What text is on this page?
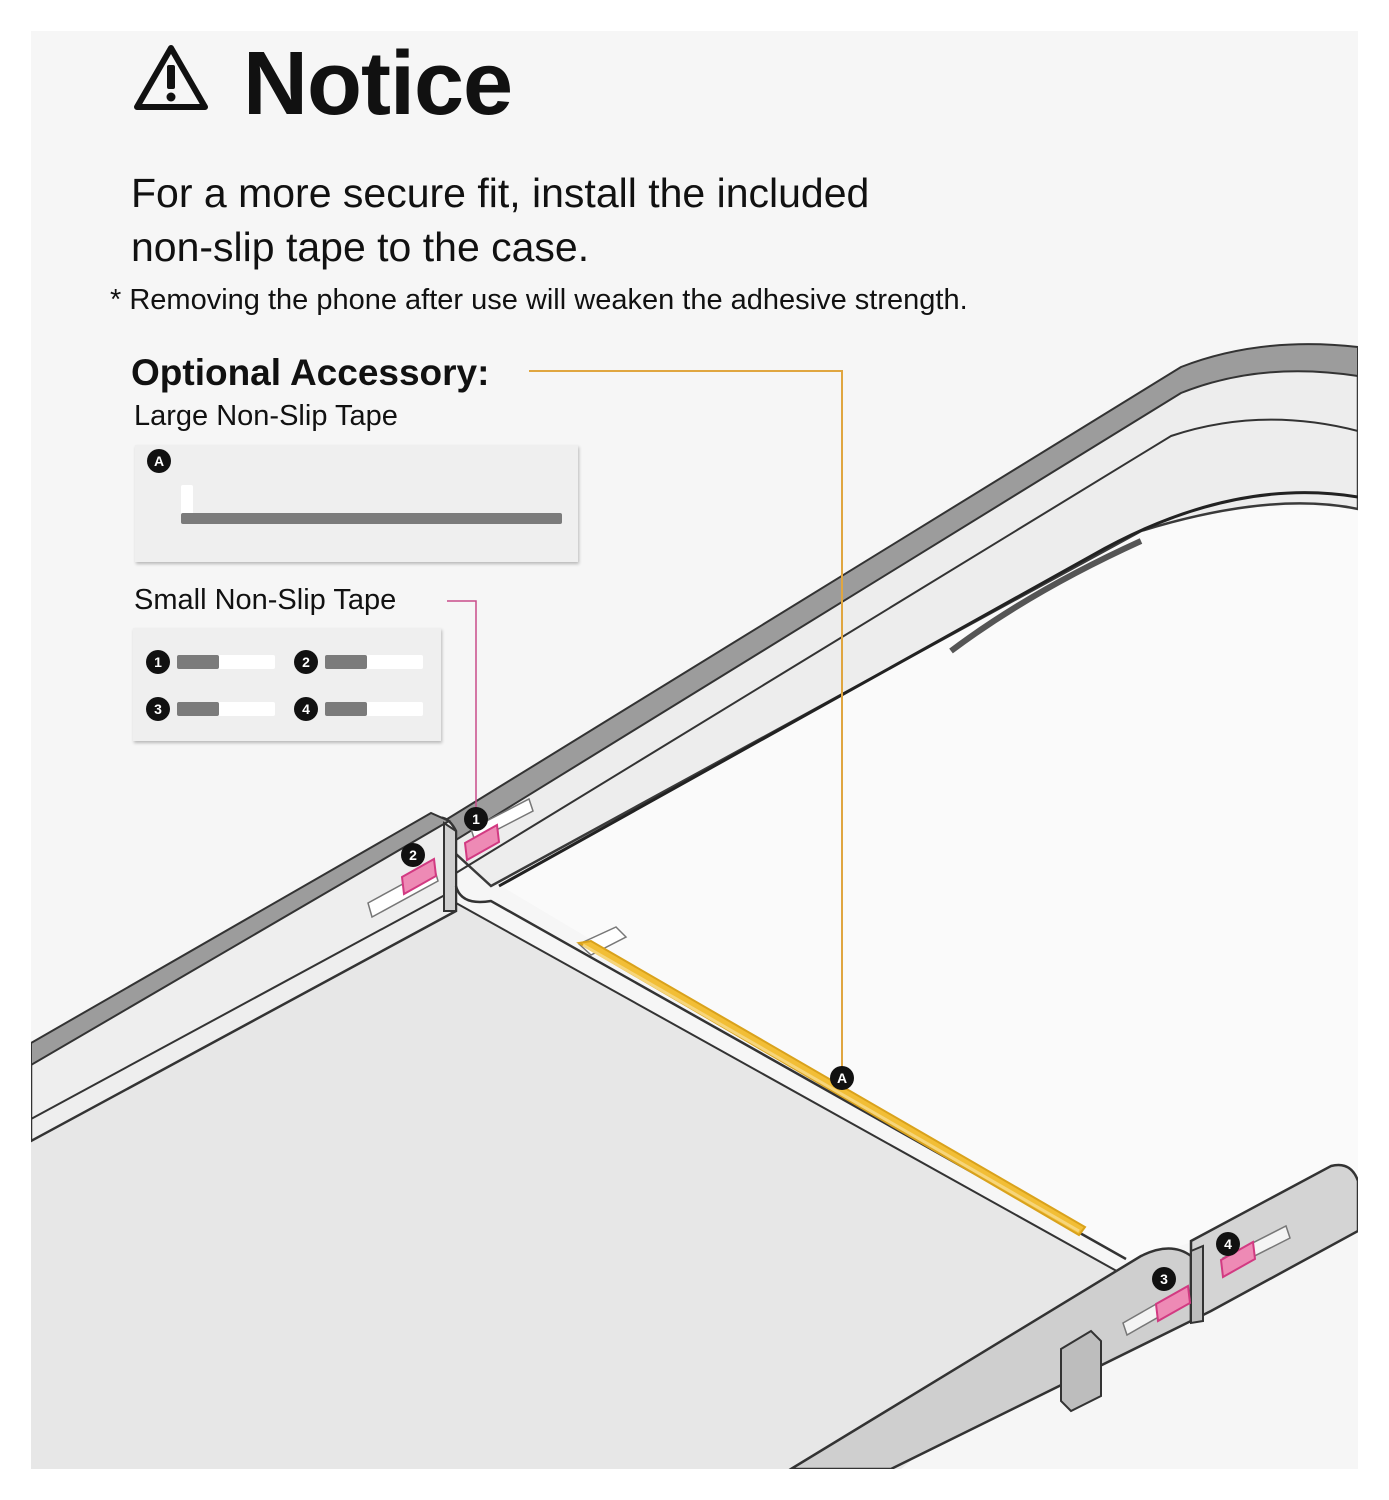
A
1
2
3
4
Notice
For a more secure fit, install the included
non-slip tape to the case.
* Removing the phone after use will weaken the adhesive strength.
Optional Accessory:
Large Non-Slip Tape
A
Small Non-Slip Tape
1	2
3	4
